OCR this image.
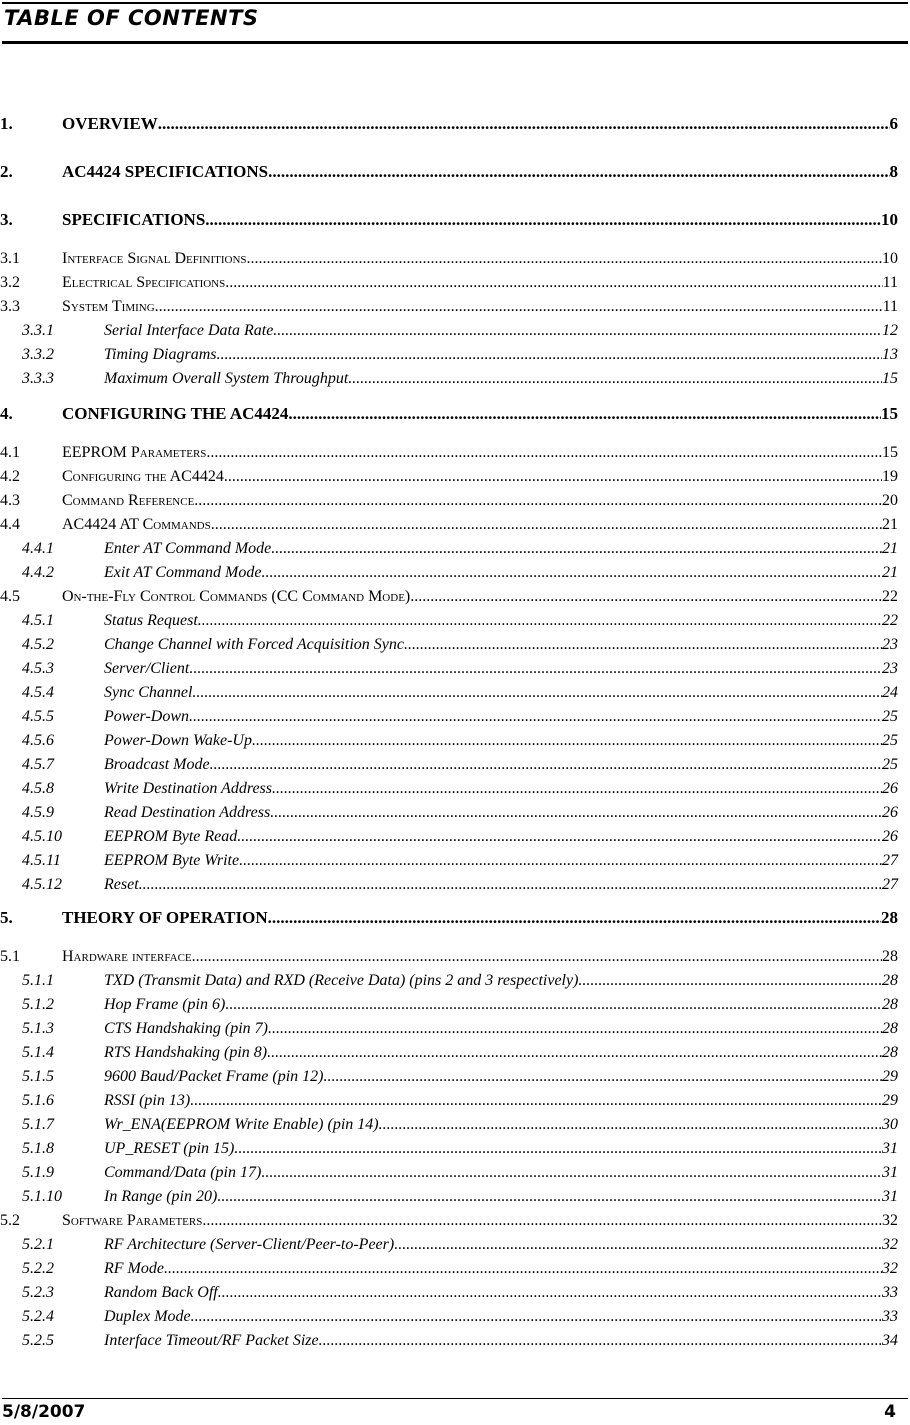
TABLE OF CONTENTS
1.	OVERVIEW .....	6
2.	AC4424 SPECIFICATIONS .....	8
3.	SPECIFICATIONS .....	10
3.1	Interface Signal Definitions .....	10
3.2	Electrical Specifications .....	11
3.3	System Timing .....	11
3.3.1	Serial Interface Data Rate .....	12
3.3.2	Timing Diagrams .....	13
3.3.3	Maximum Overall System Throughput .....	15
4.	CONFIGURING THE AC4424 .....	15
4.1	EEPROM Parameters .....	15
4.2	Configuring the AC4424 .....	19
4.3	Command Reference .....	20
4.4	AC4424 AT Commands .....	21
4.4.1	Enter AT Command Mode .....	21
4.4.2	Exit AT Command Mode .....	21
4.5	On-the-Fly Control Commands (CC Command Mode) .....	22
4.5.1	Status Request .....	22
4.5.2	Change Channel with Forced Acquisition Sync .....	23
4.5.3	Server/Client .....	23
4.5.4	Sync Channel .....	24
4.5.5	Power-Down .....	25
4.5.6	Power-Down Wake-Up .....	25
4.5.7	Broadcast Mode .....	25
4.5.8	Write Destination Address .....	26
4.5.9	Read Destination Address .....	26
4.5.10	EEPROM Byte Read .....	26
4.5.11	EEPROM Byte Write .....	27
4.5.12	Reset .....	27
5.	THEORY OF OPERATION .....	28
5.1	Hardware interface .....	28
5.1.1	TXD (Transmit Data) and RXD (Receive Data) (pins 2 and 3 respectively) .....	28
5.1.2	Hop Frame (pin 6) .....	28
5.1.3	CTS Handshaking (pin 7) .....	28
5.1.4	RTS Handshaking (pin 8) .....	28
5.1.5	9600 Baud/Packet Frame (pin 12) .....	29
5.1.6	RSSI (pin 13) .....	29
5.1.7	Wr_ENA(EEPROM Write Enable) (pin 14) .....	30
5.1.8	UP_RESET (pin 15) .....	31
5.1.9	Command/Data (pin 17) .....	31
5.1.10	In Range (pin 20) .....	31
5.2	Software Parameters .....	32
5.2.1	RF Architecture (Server-Client/Peer-to-Peer) .....	32
5.2.2	RF Mode .....	32
5.2.3	Random Back Off .....	33
5.2.4	Duplex Mode .....	33
5.2.5	Interface Timeout/RF Packet Size .....	34
5/8/2007	4
